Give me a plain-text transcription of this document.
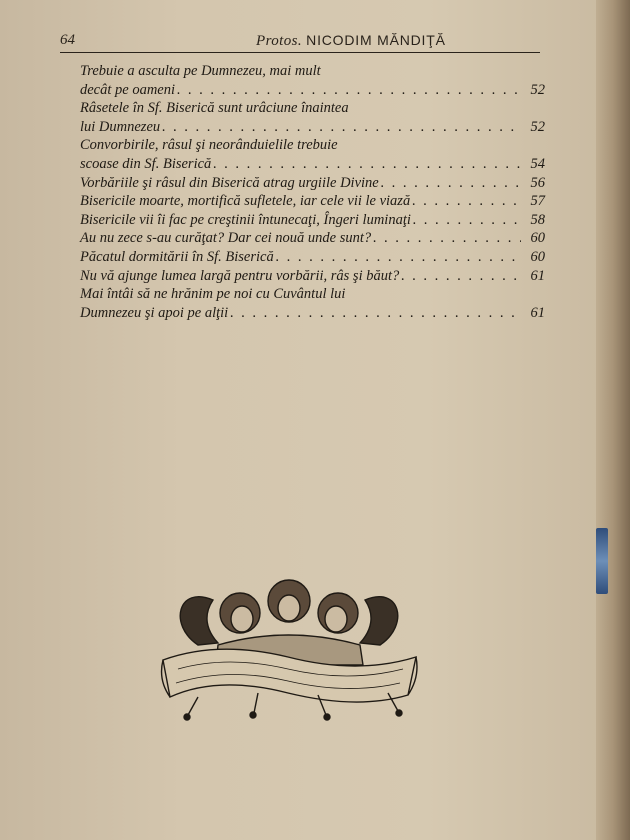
64	Protos. NICODIM MĂNDIŢĂ
Trebuie a asculta pe Dumnezeu, mai mult
decât pe oameni . . .	52
Râsetele în Sf. Biserică sunt urâciune înaintea
lui Dumnezeu . . .	52
Convorbirile, râsul şi neorânduielile trebuie
scoase din Sf. Biserică . . .	54
Vorbăriile şi râsul din Biserică atrag urgiile Divine . . .	56
Bisericile moarte, mortifică sufletele, iar cele vii le viază . . .	57
Bisericile vii îi fac pe creştinii întunecaţi, Îngeri luminaţi . . .	58
Au nu zece s-au curăţat? Dar cei nouă unde sunt? . . .	60
Păcatul dormitării în Sf. Biserică . . .	60
Nu vă ajunge lumea largă pentru vorbării, râs şi băut? . . .	61
Mai întâi să ne hrănim pe noi cu Cuvântul lui
Dumnezeu şi apoi pe alţii . . .	61
